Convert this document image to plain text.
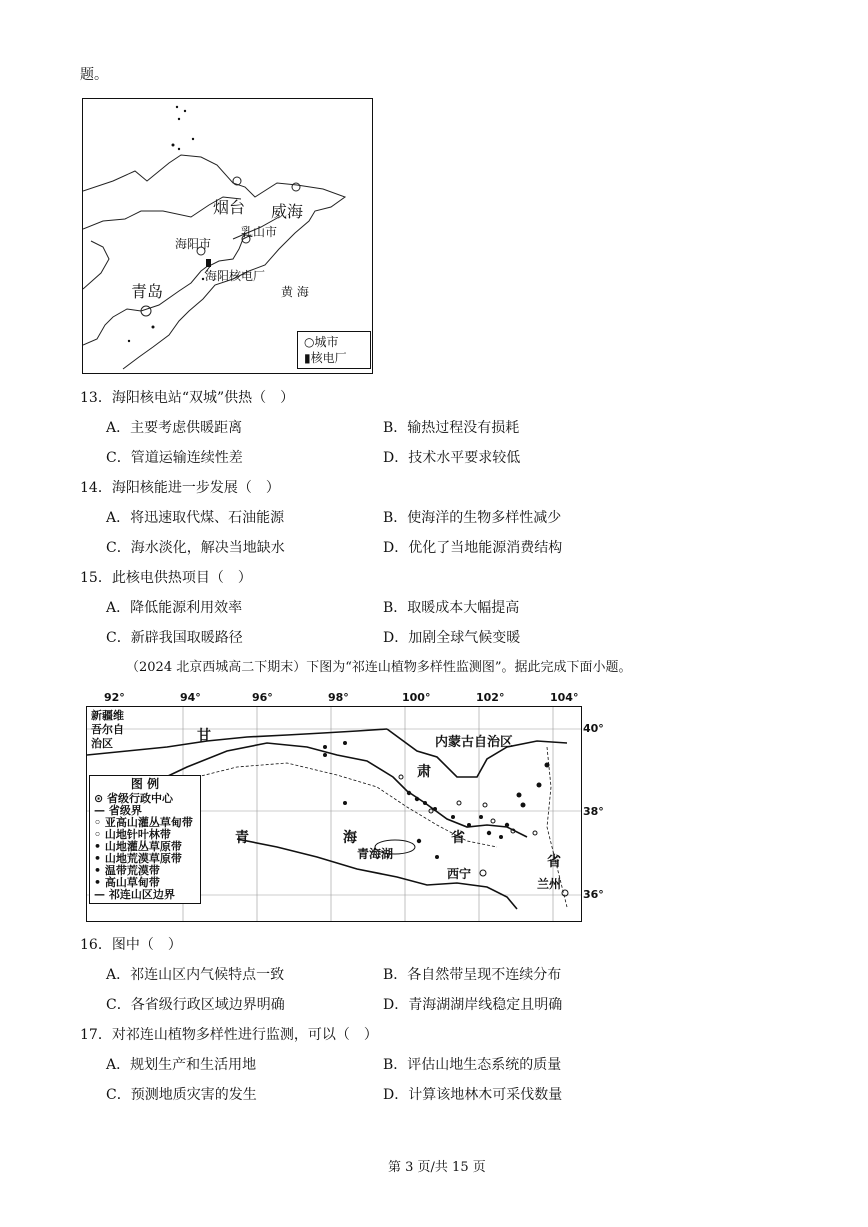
题。
烟台 威海
海阳市
乳山市
青岛
海阳核电厂
黄 海
○城市
▮核电厂
13．海阳核电站“双城”供热（　）
A．主要考虑供暖距离	B．输热过程没有损耗
C．管道运输连续性差	D．技术水平要求较低
14．海阳核能进一步发展（　）
A．将迅速取代煤、石油能源	B．使海洋的生物多样性减少
C．海水淡化，解决当地缺水	D．优化了当地能源消费结构
15．此核电供热项目（　）
A．降低能源利用效率	B．取暖成本大幅提高
C．新辟我国取暖路径	D．加剧全球气候变暖
（2024 北京西城高二下期末）下图为“祁连山植物多样性监测图”。据此完成下面小题。
92°	94°	96°	98°	100°	102°	104°
40°
38°
36°
新疆维
吾尔自
治区	甘	内蒙古自治区
肃
青	海	省
省
青海湖
西宁
兰州
图 例
⊙ 省级行政中心
— 省级界
◦ 亚高山灌丛草甸带
◦ 山地针叶林带
• 山地灌丛草原带
• 山地荒漠草原带
• 温带荒漠带
• 高山草甸带
— 祁连山区边界
16．图中（　）
A．祁连山区内气候特点一致	B．各自然带呈现不连续分布
C．各省级行政区域边界明确	D．青海湖湖岸线稳定且明确
17．对祁连山植物多样性进行监测，可以（　）
A．规划生产和生活用地	B．评估山地生态系统的质量
C．预测地质灾害的发生	D．计算该地林木可采伐数量
第 3 页/共 15 页
